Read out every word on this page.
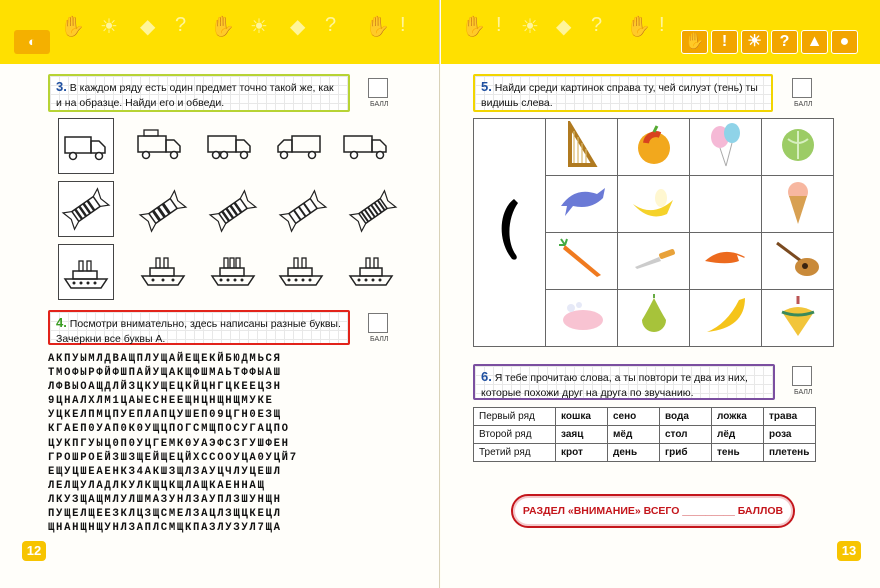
✋ ☀ ◆ ? ✋ ☀ ◆ ? ✋ !
◐
3. В каждом ряду есть один предмет точно такой же, как и на образце. Найди его и обведи.	БАЛЛ
4. Посмотри внимательно, здесь написаны разные буквы. Зачеркни все буквы А.	БАЛЛ
АКПУЫМЛДВАЩПЛУЩАЙЕЩЕКЙБЮДМЬСЯ
ТМОФЫРФЙФШПАЙУЩАКЩФШМАЬТФФЫАШ
ЛФВЫОАЩДЛЙЗЦКУЩЕЦКЙЦНГЦКЕЕЦЗН
9ЦНАЛХЛМ1ЦАЫЕСНЕЕЩНЦНЩНЩМУКЕ
УЦКЕЛПМЦПУЕПЛАПЦУШЕП09ЦГН0ЕЗЩ
КГАЕП0УАП0К0УЩЦПОГСМЩПОСУГАЦПО
ЦУКПГУЫЦ0П0УЦГЕМК0УАЭФСЗГУШФЕН
ГРОШРОЕЙЗШЗЩЕЙЩЕЦЙХССООУЦА0УЦЙ7
ЕЩУЦШЕАЕНКЗ4АКШЗЩЛЗАУЦЧЛУЦЕШЛ
ЛЕЛЩУЛАДЛКУЛКЩЦКЩЛАЩКАЕННАЩ
ЛКУЗЩАЩМЛУЛШМАЗУНЛЗАУПЛЗШУНЩН
ПУЩЕЛЩЕЕЗКЛЦЗЩСМЕЛЗАЦЛЗЩЦКЕЦЛ
ЩНАНЩНЩУНЛЗАПЛСМЩКПАЗЛУЗУЛ7ЩА
12
✋ ! ☀ ◆ ? ✋ !
✋	!	☀	?	▲	●
5. Найди среди картинок справа ту, чей силуэт (тень) ты видишь слева.	БАЛЛ

6. Я тебе прочитаю слова, а ты повтори те два из них, которые похожи друг на друга по звучанию.	БАЛЛ
Первый ряд	кошка	сено	вода	ложка	трава
Второй ряд	заяц	мёд	стол	лёд	роза
Третий ряд	крот	день	гриб	тень	плетень
РАЗДЕЛ «ВНИМАНИЕ» ВСЕГО _________ БАЛЛОВ
13
